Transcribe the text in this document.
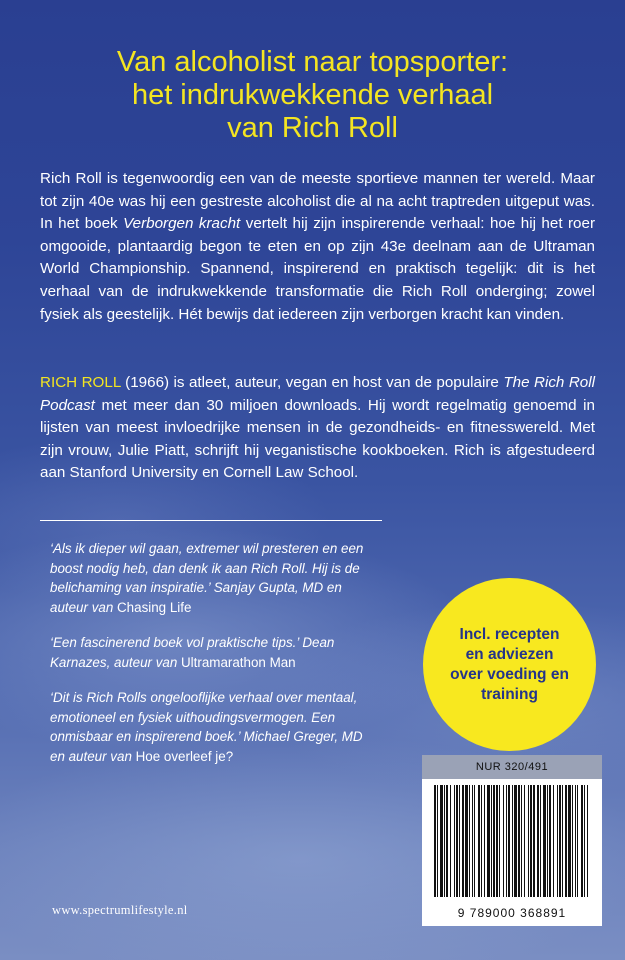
Van alcoholist naar topsporter:
het indrukwekkende verhaal
van Rich Roll

Rich Roll is tegenwoordig een van de meeste sportieve mannen ter wereld. Maar tot zijn 40e was hij een gestreste alcoholist die al na acht traptreden uitgeput was. In het boek Verborgen kracht vertelt hij zijn inspirerende verhaal: hoe hij het roer omgooide, plantaardig begon te eten en op zijn 43e deelnam aan de Ultraman World Championship. Spannend, inspirerend en praktisch tegelijk: dit is het verhaal van de indrukwekkende transformatie die Rich Roll onderging; zowel fysiek als geestelijk. Hét bewijs dat iedereen zijn verborgen kracht kan vinden.

RICH ROLL (1966) is atleet, auteur, vegan en host van de populaire The Rich Roll Podcast met meer dan 30 miljoen downloads. Hij wordt regelmatig genoemd in lijsten van meest invloedrijke mensen in de gezondheids- en fitnesswereld. Met zijn vrouw, Julie Piatt, schrijft hij veganistische kookboeken. Rich is afgestudeerd aan Stanford University en Cornell Law School.

‘Als ik dieper wil gaan, extremer wil presteren en een boost nodig heb, dan denk ik aan Rich Roll. Hij is de belichaming van inspiratie.’ Sanjay Gupta, MD en auteur van Chasing Life

‘Een fascinerend boek vol praktische tips.’ Dean Karnazes, auteur van Ultramarathon Man

‘Dit is Rich Rolls ongelooflijke verhaal over mentaal, emotioneel en fysiek uithoudingsvermogen. Een onmisbaar en inspirerend boek.’ Michael Greger, MD en auteur van Hoe overleef je?

Incl. recepten en adviezen over voeding en training
NUR 320/491
9 789000 368891
www.spectrumlifestyle.nl
